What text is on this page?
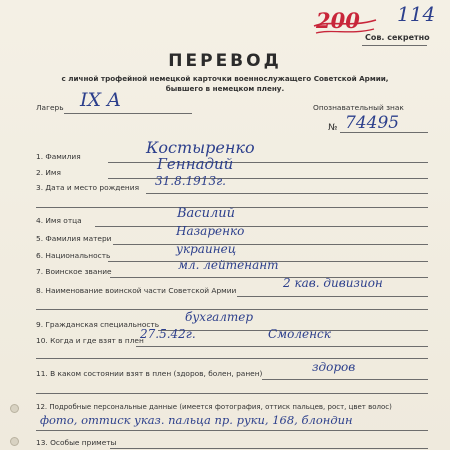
200 114
Сов. секретно
ПЕРЕВОД
с личной трофейной немецкой карточки военнослужащего Советской Армии,
бывшего в немецком плену.
Лагерь IX A	Опознавательный знак
№ 74495
1. Фамилия	Костыренко
2. Имя	Геннадий
3. Дата и место рождения 31.8.1913г.
4. Имя отца	Василий
5. Фамилия матери
Назаренко
6. Национальность	украинец
7. Воинское звание	мл. лейтенант
8. Наименование воинской части Советской Армии
2 кав. дивизион
9. Гражданская специальность
бухгалтер
10. Когда и где взят в плен
27.5.42г.	Смоленск
11. В каком состоянии взят в плен (здоров, болен, ранен)	здоров
12. Подробные персональные данные (имеется фотография, оттиск пальцев, рост, цвет волос)
фото, оттиск указ. пальца пр. руки, 168, блондин
13. Особые приметы
